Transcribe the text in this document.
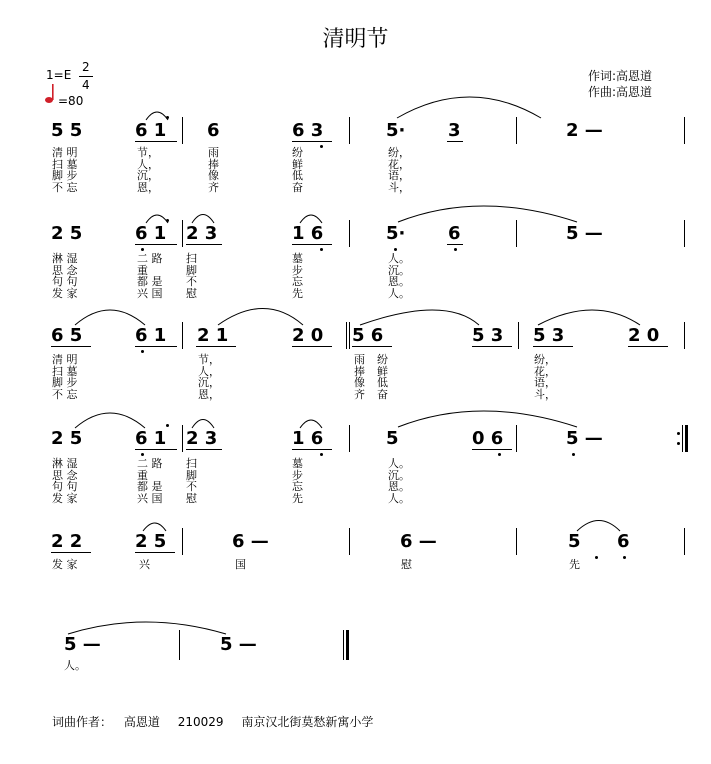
清明节
1=E
2
4
=80
作词:高恩道
作曲:高恩道
5 5	6 1 6	6 3	5· 3	2 —
清 明
扫 墓
脚 步
不 忘
节，
人，
沉，
恩，
雨
捧
像
齐
纷
鲜
低
奋
纷，
花，
语，
斗，
2 5	6 1 2 3	1 6	5· 6	5 —
淋 湿
思 念
句 句
发 家
二 路
重
都 是
兴 国
扫
脚
不
慰
墓
步
忘
先
人。
沉。
恩。
人。
6 5	6 1 2 1	2 0 5 6	5 3 5 3	2 0
清 明
扫 墓
脚 步
不 忘
节，
人，
沉，
恩，
雨
捧
像
齐
纷
鲜
低
奋
纷，
花，
语，
斗，
2 5	6 1 2 3	1 6	5	0 6	5 —
淋 湿
思 念
句 句
发 家
二 路
重
都 是
兴 国
扫
脚
不
慰
墓
步
忘
先
人。
沉。
恩。
人。
2 2	2 5	6 —	6 —	5 6
发 家	兴	国	慰	先
5 —	5 —
人。
词曲作者： 高恩道 210029 南京汉北街莫愁新寓小学
